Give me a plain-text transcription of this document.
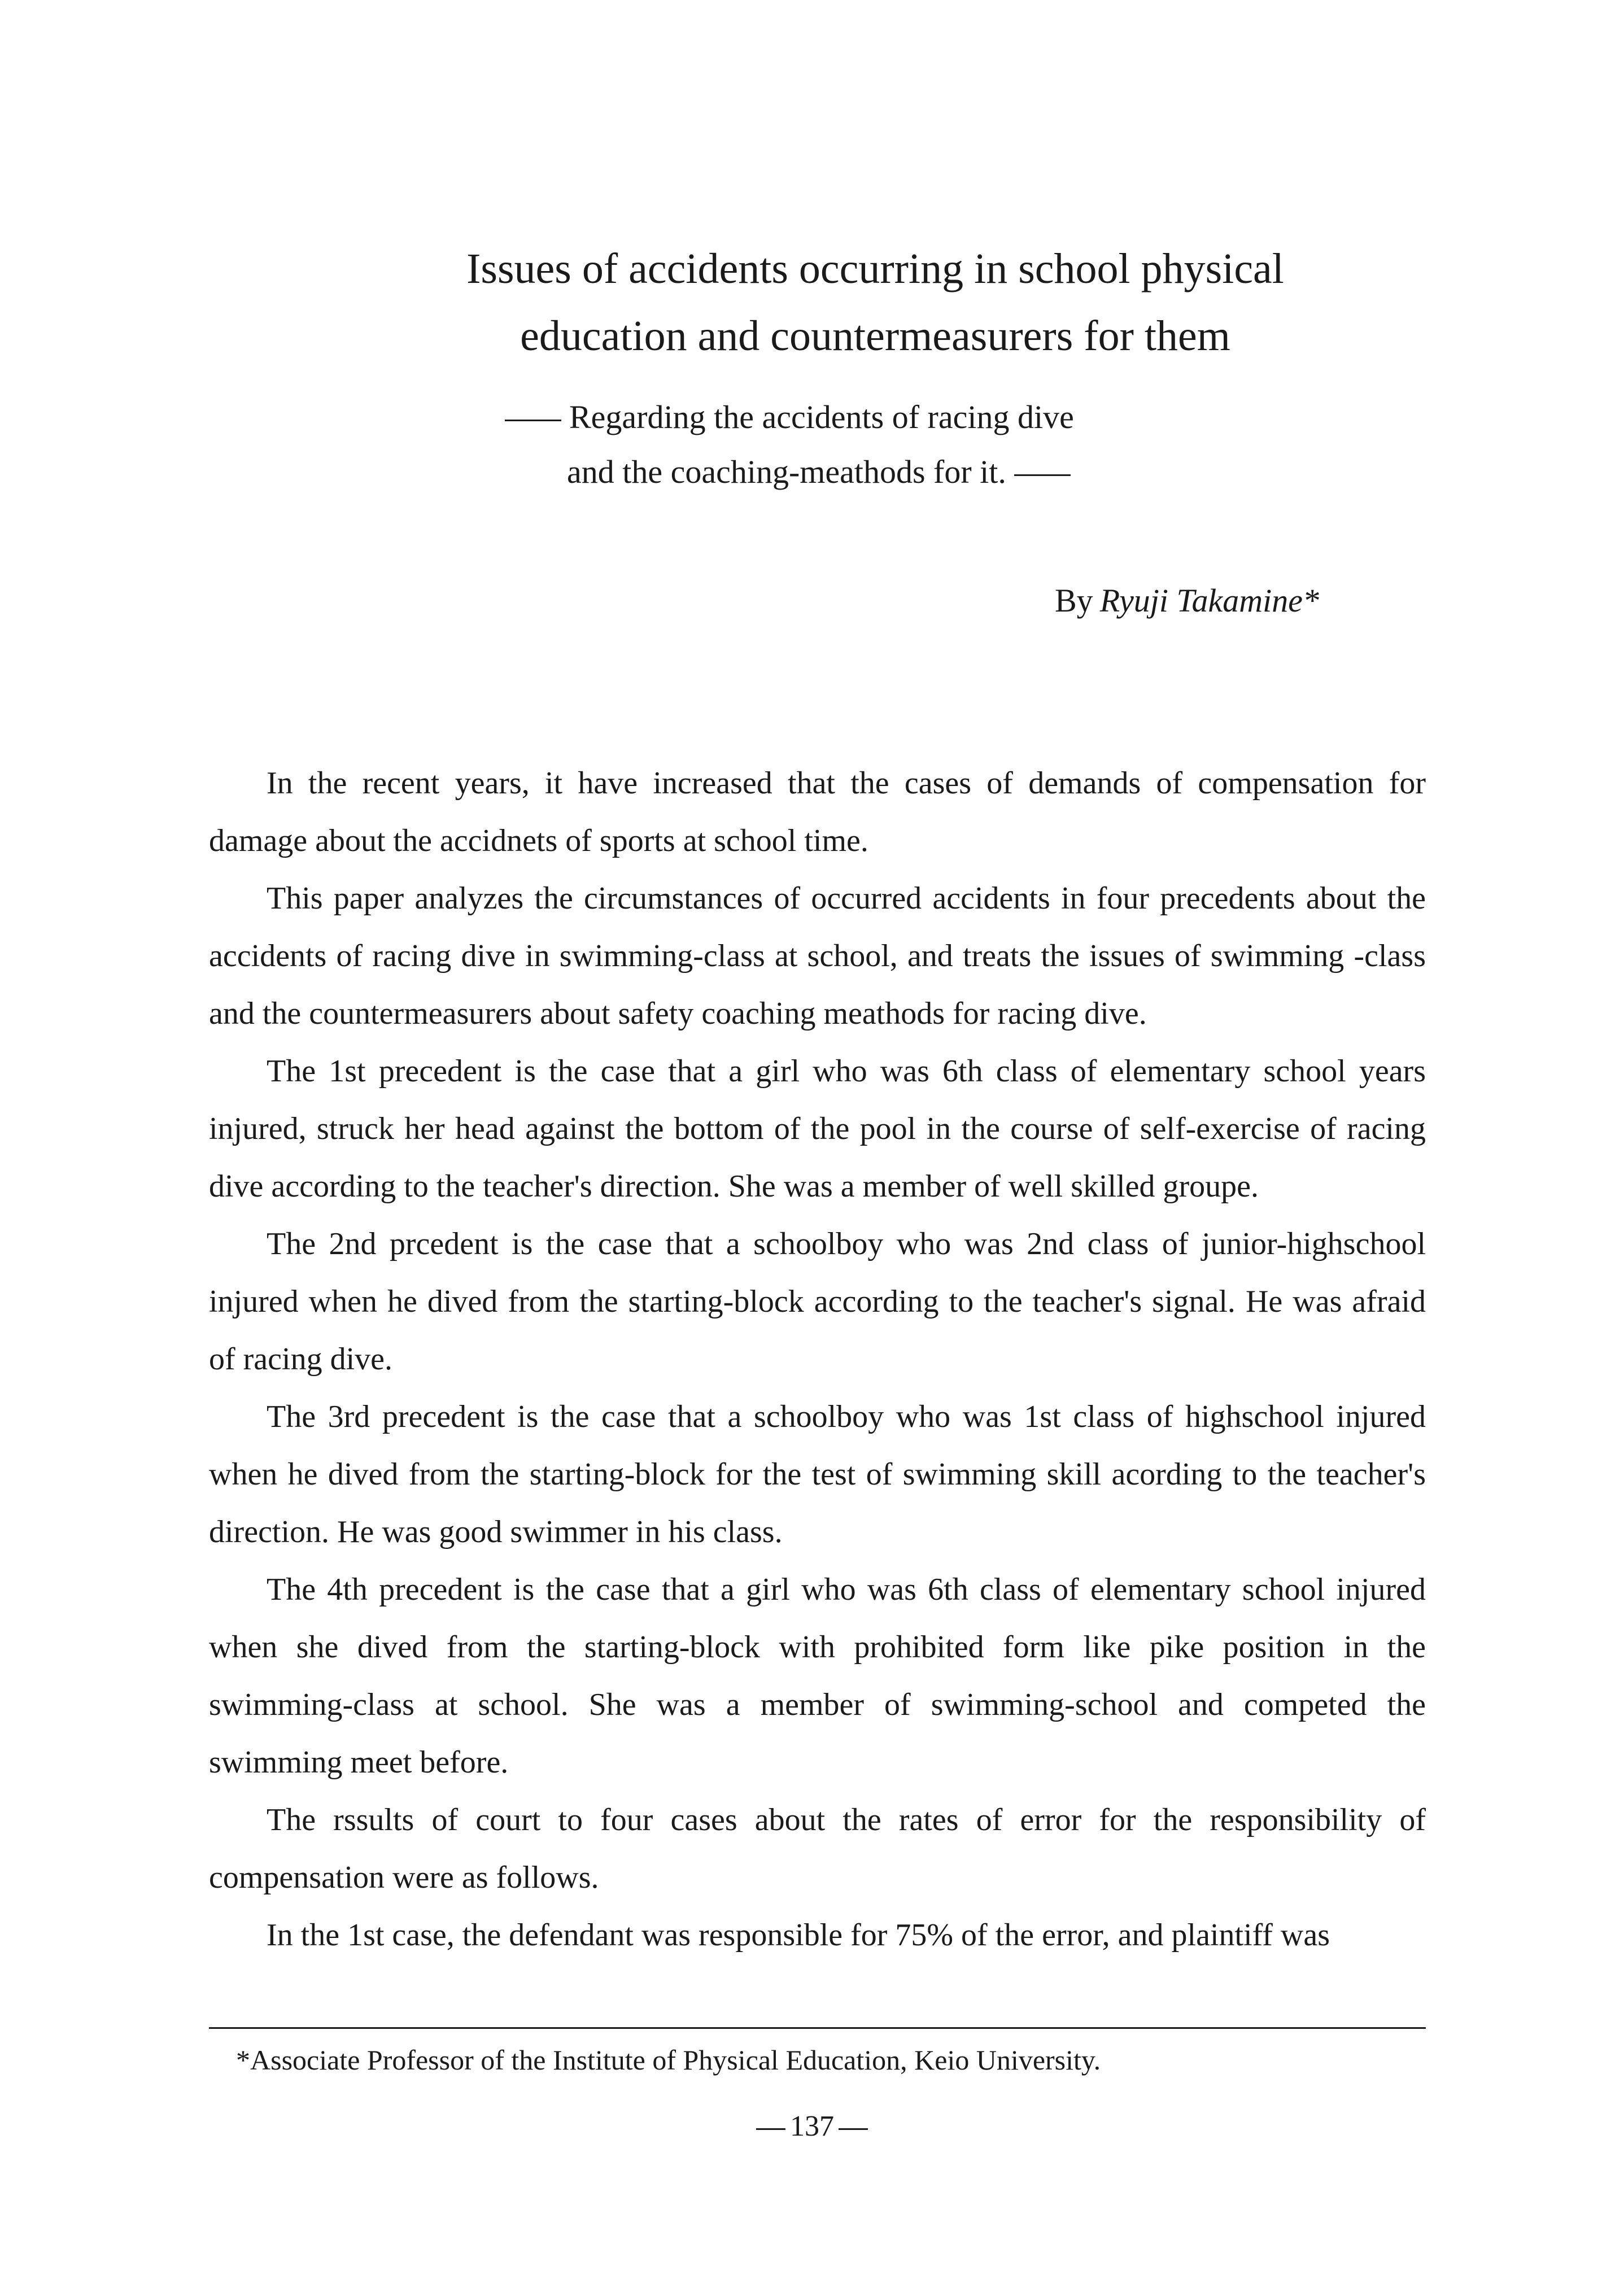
Issues of accidents occurring in school physical
education and countermeasurers for them
Regarding the accidents of racing dive
and the coaching-meathods for it.
By Ryuji Takamine*

In the recent years, it have increased that the cases of demands of compensation for damage about the accidnets of sports at school time.

This paper analyzes the circumstances of occurred accidents in four precedents about the accidents of racing dive in swimming-class at school, and treats the issues of swimming -class and the countermeasurers about safety coaching meathods for racing dive.

The 1st precedent is the case that a girl who was 6th class of elementary school years injured, struck her head against the bottom of the pool in the course of self-exercise of racing dive according to the teacher's direction. She was a member of well skilled groupe.

The 2nd prcedent is the case that a schoolboy who was 2nd class of junior-highschool injured when he dived from the starting-block according to the teacher's signal. He was afraid of racing dive.

The 3rd precedent is the case that a schoolboy who was 1st class of highschool injured when he dived from the starting-block for the test of swimming skill acording to the teacher's direction. He was good swimmer in his class.

The 4th precedent is the case that a girl who was 6th class of elementary school injured when she dived from the starting-block with prohibited form like pike position in the swimming-class at school. She was a member of swimming-school and competed the swimming meet before.

The rssults of court to four cases about the rates of error for the responsibility of compensation were as follows.

In the 1st case, the defendant was responsible for 75% of the error, and plaintiff was

*Associate Professor of the Institute of Physical Education, Keio University.
137
